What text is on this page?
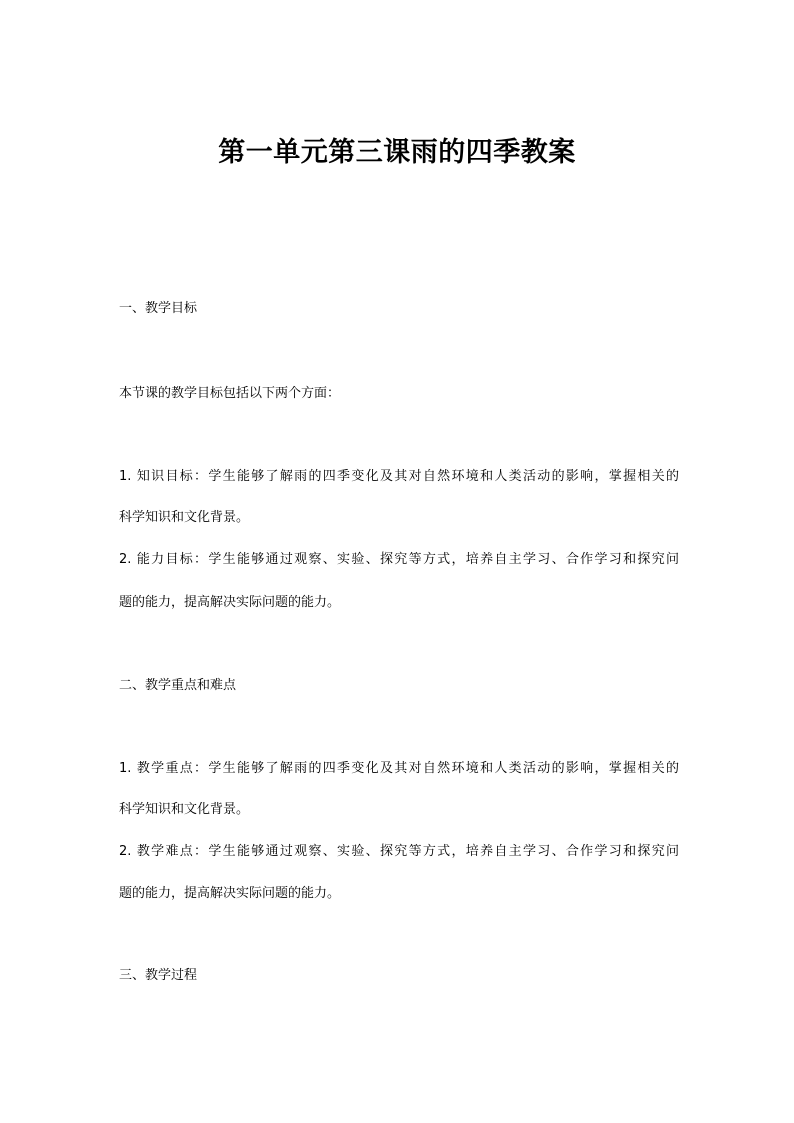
第一单元第三课雨的四季教案
一、教学目标
本节课的教学目标包括以下两个方面：
1. 知识目标：学生能够了解雨的四季变化及其对自然环境和人类活动的影响，掌握相关的
科学知识和文化背景。
2. 能力目标：学生能够通过观察、实验、探究等方式，培养自主学习、合作学习和探究问
题的能力，提高解决实际问题的能力。
二、教学重点和难点
1. 教学重点：学生能够了解雨的四季变化及其对自然环境和人类活动的影响，掌握相关的
科学知识和文化背景。
2. 教学难点：学生能够通过观察、实验、探究等方式，培养自主学习、合作学习和探究问
题的能力，提高解决实际问题的能力。
三、教学过程
